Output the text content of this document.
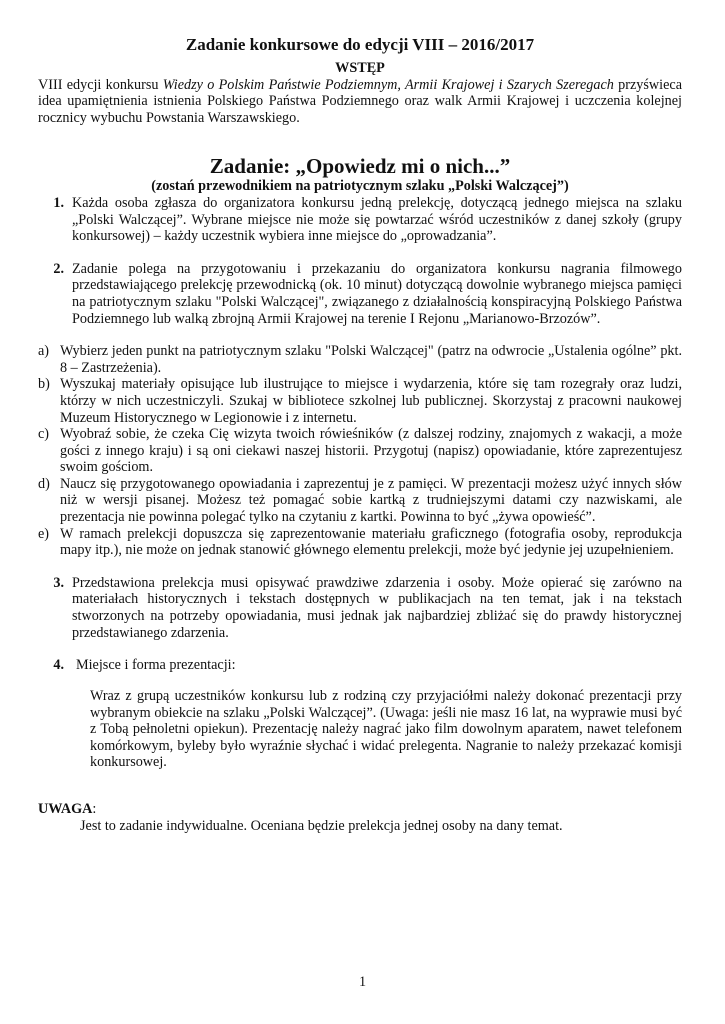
Zadanie konkursowe do edycji VIII – 2016/2017

WSTĘP

VIII edycji konkursu Wiedzy o Polskim Państwie Podziemnym, Armii Krajowej i Szarych Szeregach przyświeca idea upamiętnienia istnienia Polskiego Państwa Podziemnego oraz walk Armii Krajowej i uczczenia kolejnej rocznicy wybuchu Powstania Warszawskiego.

Zadanie: „Opowiedz mi o nich...”

(zostań przewodnikiem na patriotycznym szlaku „Polski Walczącej”)

1. Każda osoba zgłasza do organizatora konkursu jedną prelekcję, dotyczącą jednego miejsca na szlaku „Polski Walczącej”. Wybrane miejsce nie może się powtarzać wśród uczestników z danej szkoły (grupy konkursowej) – każdy uczestnik wybiera inne miejsce do „oprowadzania”.
2. Zadanie polega na przygotowaniu i przekazaniu do organizatora konkursu nagrania filmowego przedstawiającego prelekcję przewodnicką (ok. 10 minut) dotyczącą dowolnie wybranego miejsca pamięci na patriotycznym szlaku "Polski Walczącej", związanego z działalnością konspiracyjną Polskiego Państwa Podziemnego lub walką zbrojną Armii Krajowej na terenie I Rejonu „Marianowo-Brzozów”.
a) Wybierz jeden punkt na patriotycznym szlaku "Polski Walczącej" (patrz na odwrocie „Ustalenia ogólne” pkt. 8 – Zastrzeżenia).
b) Wyszukaj materiały opisujące lub ilustrujące to miejsce i wydarzenia, które się tam rozegrały oraz ludzi, którzy w nich uczestniczyli. Szukaj w bibliotece szkolnej lub publicznej. Skorzystaj z pracowni naukowej Muzeum Historycznego w Legionowie i z internetu.
c) Wyobraź sobie, że czeka Cię wizyta twoich rówieśników (z dalszej rodziny, znajomych z wakacji, a może gości z innego kraju) i są oni ciekawi naszej historii. Przygotuj (napisz) opowiadanie, które zaprezentujesz swoim gościom.
d) Naucz się przygotowanego opowiadania i zaprezentuj je z pamięci. W prezentacji możesz użyć innych słów niż w wersji pisanej. Możesz też pomagać sobie kartką z trudniejszymi datami czy nazwiskami, ale prezentacja nie powinna polegać tylko na czytaniu z kartki. Powinna to być „żywa opowieść”.
e) W ramach prelekcji dopuszcza się zaprezentowanie materiału graficznego (fotografia osoby, reprodukcja mapy itp.), nie może on jednak stanowić głównego elementu prelekcji, może być jedynie jej uzupełnieniem.
3. Przedstawiona prelekcja musi opisywać prawdziwe zdarzenia i osoby. Może opierać się zarówno na materiałach historycznych i tekstach dostępnych w publikacjach na ten temat, jak i na tekstach stworzonych na potrzeby opowiadania, musi jednak jak najbardziej zbliżać się do prawdy historycznej przedstawianego zdarzenia.
4. Miejsce i forma prezentacji:

Wraz z grupą uczestników konkursu lub z rodziną czy przyjaciółmi należy dokonać prezentacji przy wybranym obiekcie na szlaku „Polski Walczącej”. (Uwaga: jeśli nie masz 16 lat, na wyprawie musi być z Tobą pełnoletni opiekun). Prezentację należy nagrać jako film dowolnym aparatem, nawet telefonem komórkowym, byleby było wyraźnie słychać i widać prelegenta. Nagranie to należy przekazać komisji konkursowej.

UWAGA:

Jest to zadanie indywidualne. Oceniana będzie prelekcja jednej osoby na dany temat.

1
